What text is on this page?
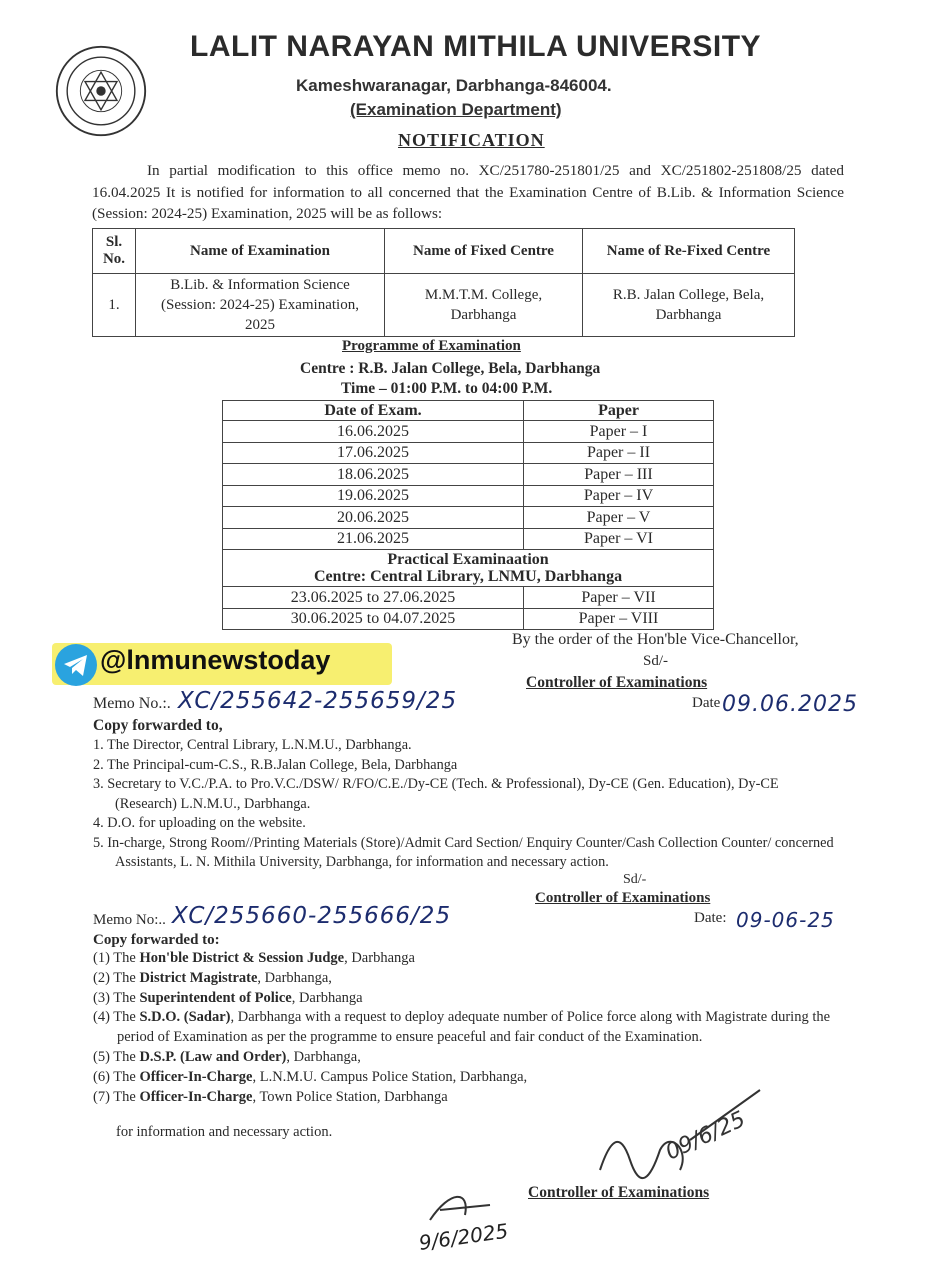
LALIT NARAYAN MITHILA UNIVERSITY
Kameshwaranagar, Darbhanga-846004.
(Examination Department)
NOTIFICATION
In partial modification to this office memo no. XC/251780-251801/25 and XC/251802-251808/25 dated 16.04.2025 It is notified for information to all concerned that the Examination Centre of B.Lib. & Information Science (Session: 2024-25) Examination, 2025 will be as follows:
Sl. No.	Name of Examination	Name of Fixed Centre	Name of Re-Fixed Centre
1.	B.Lib. & Information Science (Session: 2024-25) Examination, 2025	M.M.T.M. College, Darbhanga	R.B. Jalan College, Bela, Darbhanga
Programme of Examination
Centre : R.B. Jalan College, Bela, Darbhanga
Time – 01:00 P.M. to 04:00 P.M.
Date of Exam.	Paper
16.06.2025	Paper – I
17.06.2025	Paper – II
18.06.2025	Paper – III
19.06.2025	Paper – IV
20.06.2025	Paper – V
21.06.2025	Paper – VI

Practical Examinaation
Centre: Central Library, LNMU, Darbhanga	

23.06.2025 to 27.06.2025	Paper – VII
30.06.2025 to 04.07.2025	Paper – VIII
By the order of the Hon'ble Vice-Chancellor,
Sd/-
@lnmunewstoday
Controller of Examinations
Memo No.:. XC/255642-255659/25	Date 09.06.2025
Copy forwarded to,
1. The Director, Central Library, L.N.M.U., Darbhanga.
2. The Principal-cum-C.S., R.B.Jalan College, Bela, Darbhanga
3. Secretary to V.C./P.A. to Pro.V.C./DSW/ R/FO/C.E./Dy-CE (Tech. & Professional), Dy-CE (Gen. Education), Dy-CE (Research) L.N.M.U., Darbhanga.
4. D.O. for uploading on the website.
5. In-charge, Strong Room//Printing Materials (Store)/Admit Card Section/ Enquiry Counter/Cash Collection Counter/ concerned Assistants, L. N. Mithila University, Darbhanga, for information and necessary action.
Sd/-
Controller of Examinations
Memo No:.. XC/255660-255666/25	Date: 09-06-25
Copy forwarded to:
(1) The Hon'ble District & Session Judge, Darbhanga
(2) The District Magistrate, Darbhanga,
(3) The Superintendent of Police, Darbhanga
(4) The S.D.O. (Sadar), Darbhanga with a request to deploy adequate number of Police force along with Magistrate during the period of Examination as per the programme to ensure peaceful and fair conduct of the Examination.
(5) The D.S.P. (Law and Order), Darbhanga,
(6) The Officer-In-Charge, L.N.M.U. Campus Police Station, Darbhanga,
(7) The Officer-In-Charge, Town Police Station, Darbhanga
for information and necessary action.	09/6/25
Controller of Examinations
9/6/2025
